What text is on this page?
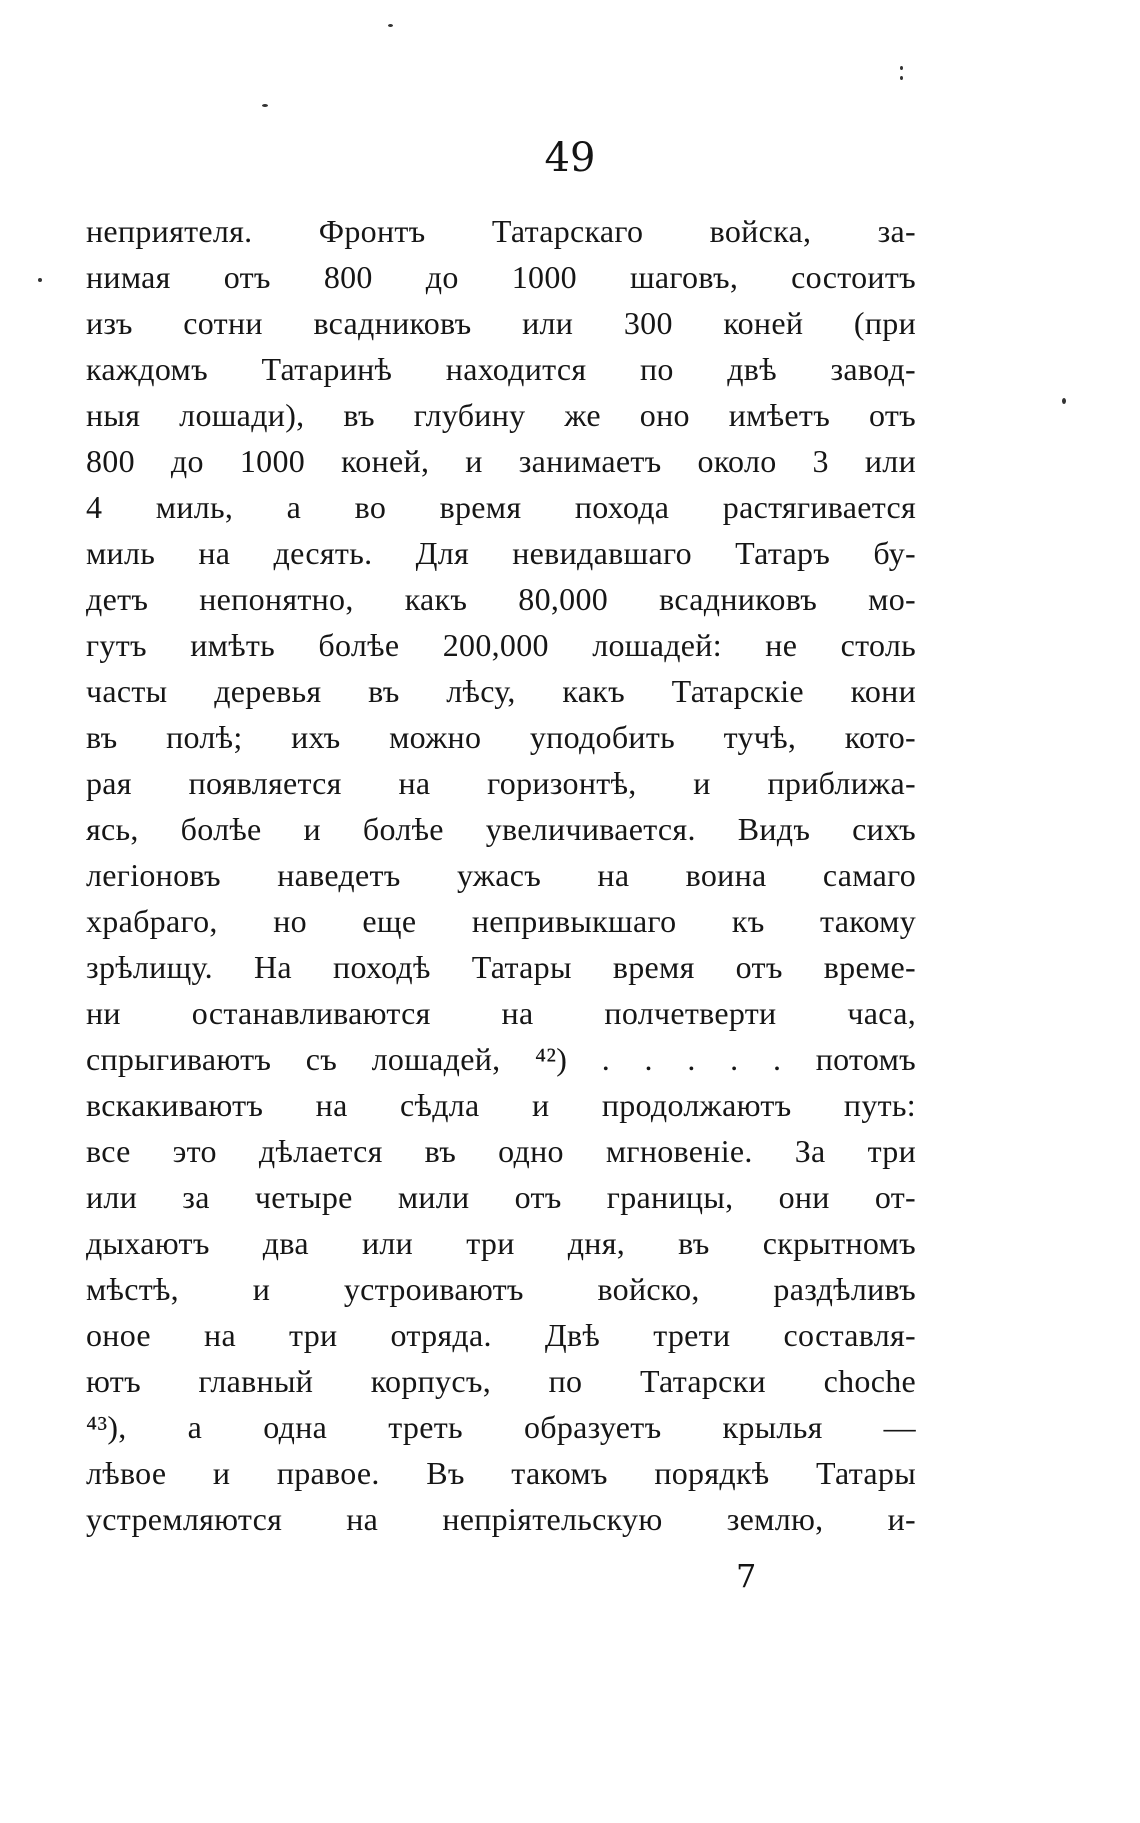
49
неприятеля. Фронтъ Татарскаго войска, за-
нимая отъ 800 до 1000 шаговъ, состоитъ
изъ сотни всадниковъ или 300 коней (при
каждомъ Татаринѣ находится по двѣ завод-
ныя лошади), въ глубину же оно имѣетъ отъ
800 до 1000 коней, и занимаетъ около 3 или
4 миль, а во время похода растягивается
миль на десять. Для невидавшаго Татаръ бу-
детъ непонятно, какъ 80,000 всадниковъ мо-
гутъ имѣть болѣе 200,000 лошадей: не столь
часты деревья въ лѣсу, какъ Татарскіе кони
въ полѣ; ихъ можно уподобить тучѣ, кото-
рая появляется на горизонтѣ, и приближа-
ясь, болѣе и болѣе увеличивается. Видъ сихъ
легіоновъ наведетъ ужасъ на воина самаго
храбраго, но еще непривыкшаго къ такому
зрѣлищу. На походѣ Татары время отъ време-
ни останавливаются на полчетверти часа,
спрыгиваютъ съ лошадей, ⁴²) . . . . . потомъ
вскакиваютъ на сѣдла и продолжаютъ путь:
все это дѣлается въ одно мгновеніе. За три
или за четыре мили отъ границы, они от-
дыхаютъ два или три дня, въ скрытномъ
мѣстѣ, и устроиваютъ войско, раздѣливъ
оное на три отряда. Двѣ трети составля-
ютъ главный корпусъ, по Татарски choche
⁴³), а одна треть образуетъ крылья —
лѣвое и правое. Въ такомъ порядкѣ Татары
устремляются на непріятельскую землю, и-
7
